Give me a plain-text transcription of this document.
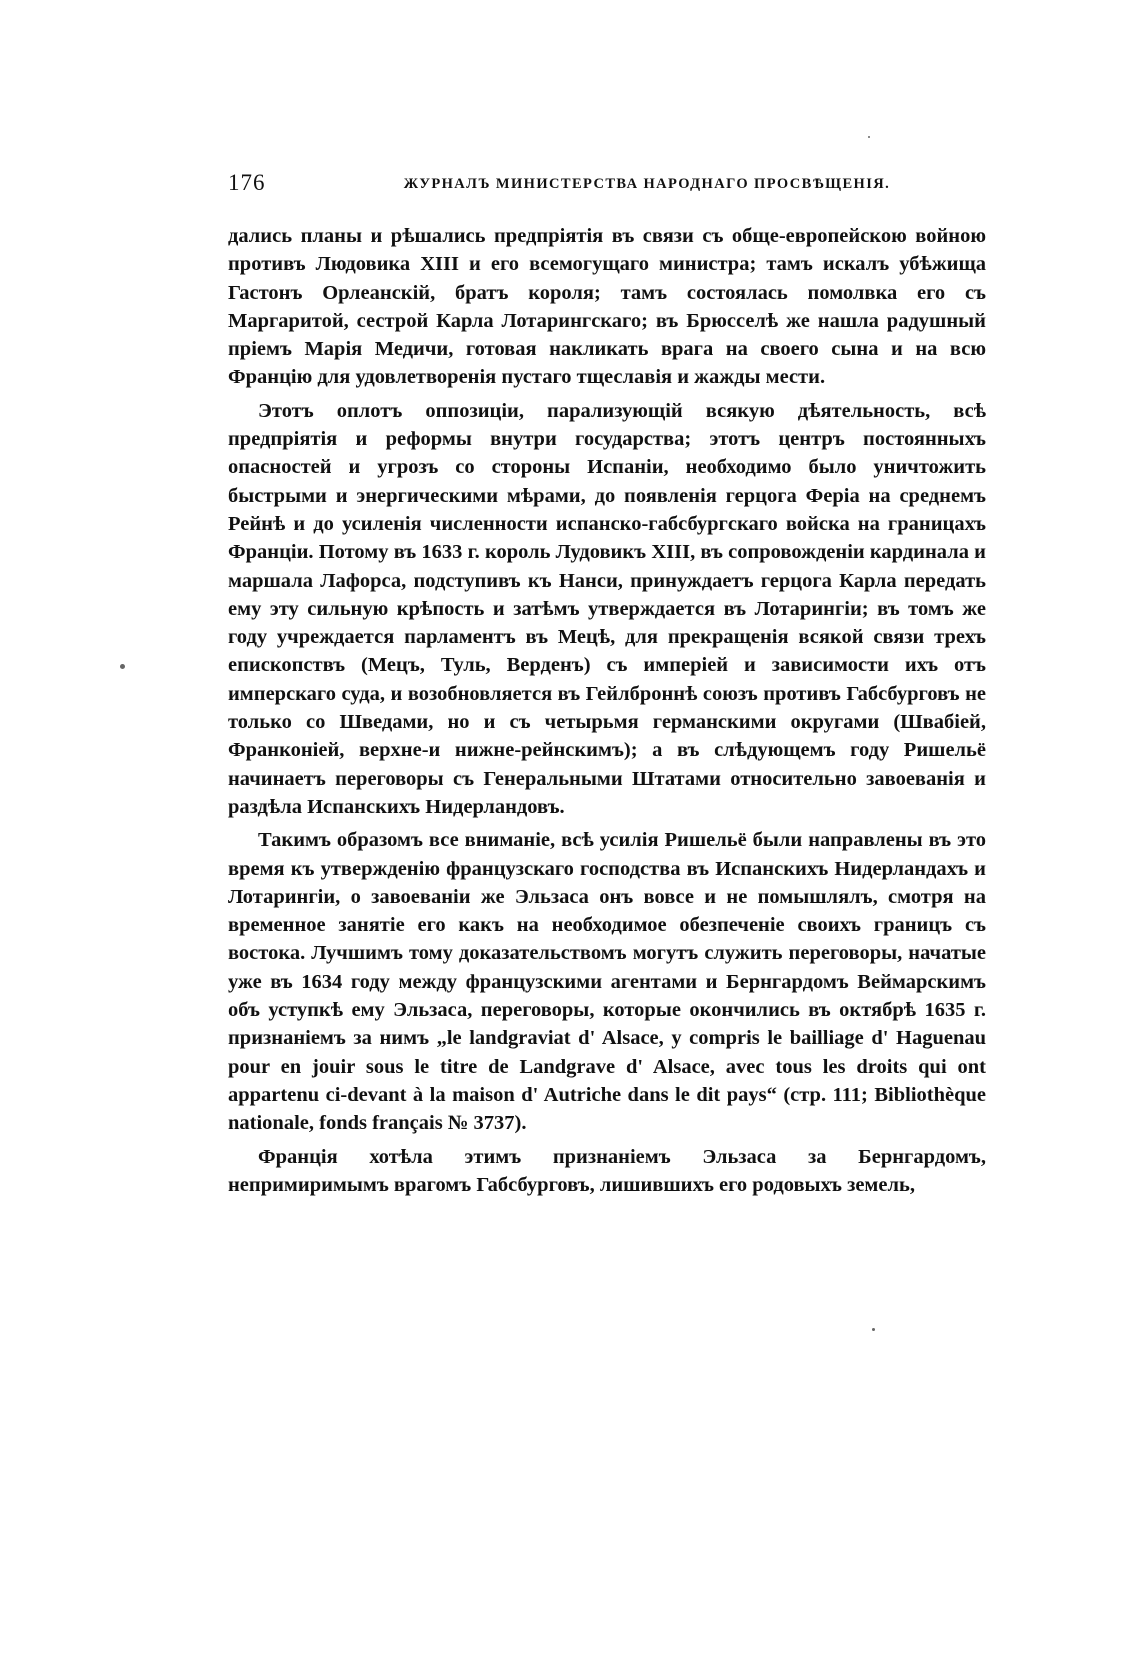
176	ЖУРНАЛЪ МИНИСТЕРСТВА НАРОДНАГО ПРОСВѢЩЕНІЯ.

дались планы и рѣшались предпріятія въ связи съ обще-европейскою войною противъ Людовика XIII и его всемогущаго министра; тамъ искалъ убѣжища Гастонъ Орлеанскій, братъ короля; тамъ состоялась помолвка его съ Маргаритой, сестрой Карла Лотарингскаго; въ Брюсселѣ же нашла радушный пріемъ Марія Медичи, готовая накликать врага на своего сына и на всю Францію для удовлетворенія пустаго тщеславія и жажды мести.

Этотъ оплотъ оппозиціи, парализующій всякую дѣятельность, всѣ предпріятія и реформы внутри государства; этотъ центръ постоянныхъ опасностей и угрозъ со стороны Испаніи, необходимо было уничтожить быстрыми и энергическими мѣрами, до появленія герцога Феріа на среднемъ Рейнѣ и до усиленія численности испанско-габсбургскаго войска на границахъ Франціи. Потому въ 1633 г. король Лудовикъ XIII, въ сопровожденіи кардинала и маршала Лафорса, подступивъ къ Нанси, принуждаетъ герцога Карла передать ему эту сильную крѣпость и затѣмъ утверждается въ Лотарингіи; въ томъ же году учреждается парламентъ въ Мецѣ, для прекращенія всякой связи трехъ епископствъ (Мецъ, Туль, Верденъ) съ имперіей и зависимости ихъ отъ имперскаго суда, и возобновляется въ Гейлброннѣ союзъ противъ Габсбурговъ не только со Шведами, но и съ четырьмя германскими округами (Швабіей, Франконіей, верхне-и нижне-рейнскимъ); а въ слѣдующемъ году Ришельё начинаетъ переговоры съ Генеральными Штатами относительно завоеванія и раздѣла Испанскихъ Нидерландовъ.

Такимъ образомъ все вниманіе, всѣ усилія Ришельё были направлены въ это время къ утвержденію французскаго господства въ Испанскихъ Нидерландахъ и Лотарингіи, о завоеваніи же Эльзаса онъ вовсе и не помышлялъ, смотря на временное занятіе его какъ на необходимое обезпеченіе своихъ границъ съ востока. Лучшимъ тому доказательствомъ могутъ служить переговоры, начатые уже въ 1634 году между французскими агентами и Бернгардомъ Веймарскимъ объ уступкѣ ему Эльзаса, переговоры, которые окончились въ октябрѣ 1635 г. признаніемъ за нимъ „le landgraviat d' Alsace, y compris le bailliage d' Haguenau pour en jouir sous le titre de Landgrave d' Alsace, avec tous les droits qui ont appartenu ci-devant à la maison d' Autriche dans le dit pays“ (стр. 111; Bibliothèque nationale, fonds français № 3737).

Франція хотѣла этимъ признаніемъ Эльзаса за Бернгардомъ, непримиримымъ врагомъ Габсбурговъ, лишившихъ его родовыхъ земель,
